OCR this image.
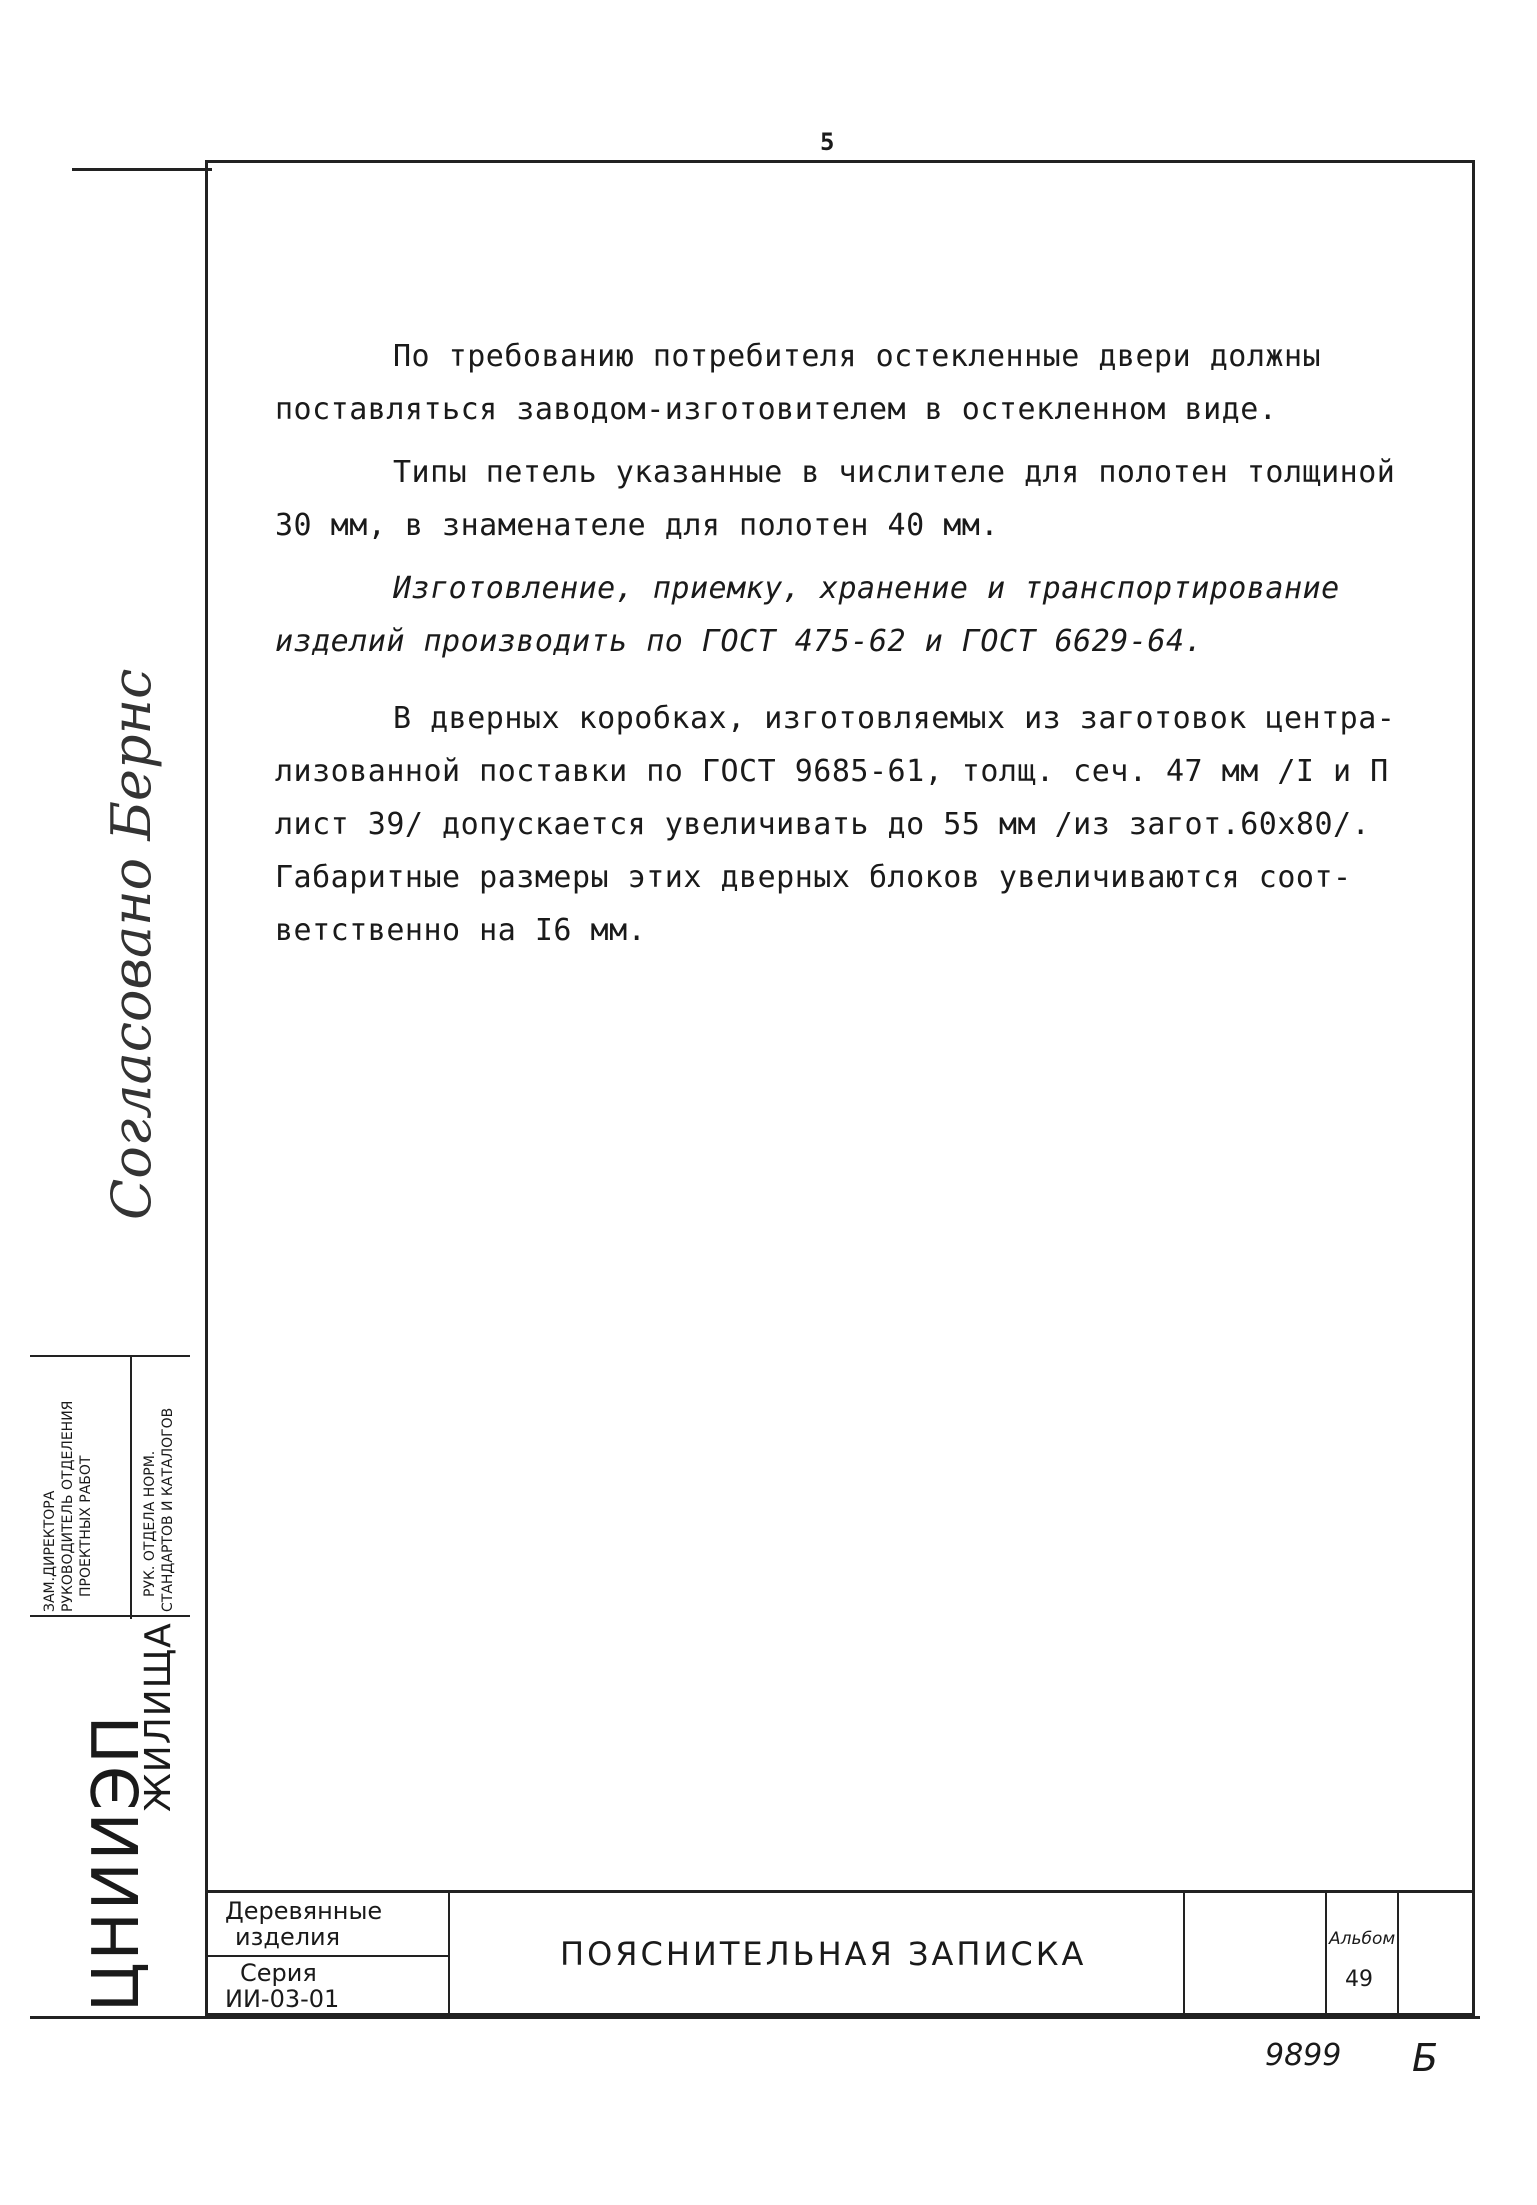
5
По требованию потребителя остекленные двери должны
поставляться заводом-изготовителем в остекленном виде.
Типы петель указанные в числителе для полотен толщиной
30 мм, в знаменателе для полотен 40 мм.
Изготовление, приемку, хранение и транспортирование
изделий производить по ГОСТ 475-62 и ГОСТ 6629-64.
В дверных коробках, изготовляемых из заготовок центра-
лизованной поставки по ГОСТ 9685-61, толщ. сеч. 47 мм /I и П
лист 39/ допускается увеличивать до 55 мм /из загот.60х80/.
Габаритные размеры этих дверных блоков увеличиваются соот-
ветственно на I6 мм.
Согласовано Бернс
ЗАМ.ДИРЕКТОРА РУКОВОДИТЕЛЬ ОТДЕЛЕНИЯ ПРОЕКТНЫХ РАБОТ	РУК. ОТДЕЛА НОРМ. СТАНДАРТОВ И КАТАЛОГОВ
ЦНИИЭП
ЖИЛИЩА
Деревянные
изделия
Серия
ИИ-03-01
ПОЯСНИТЕЛЬНАЯ ЗАПИСКА	Альбом
49
9899 Б
